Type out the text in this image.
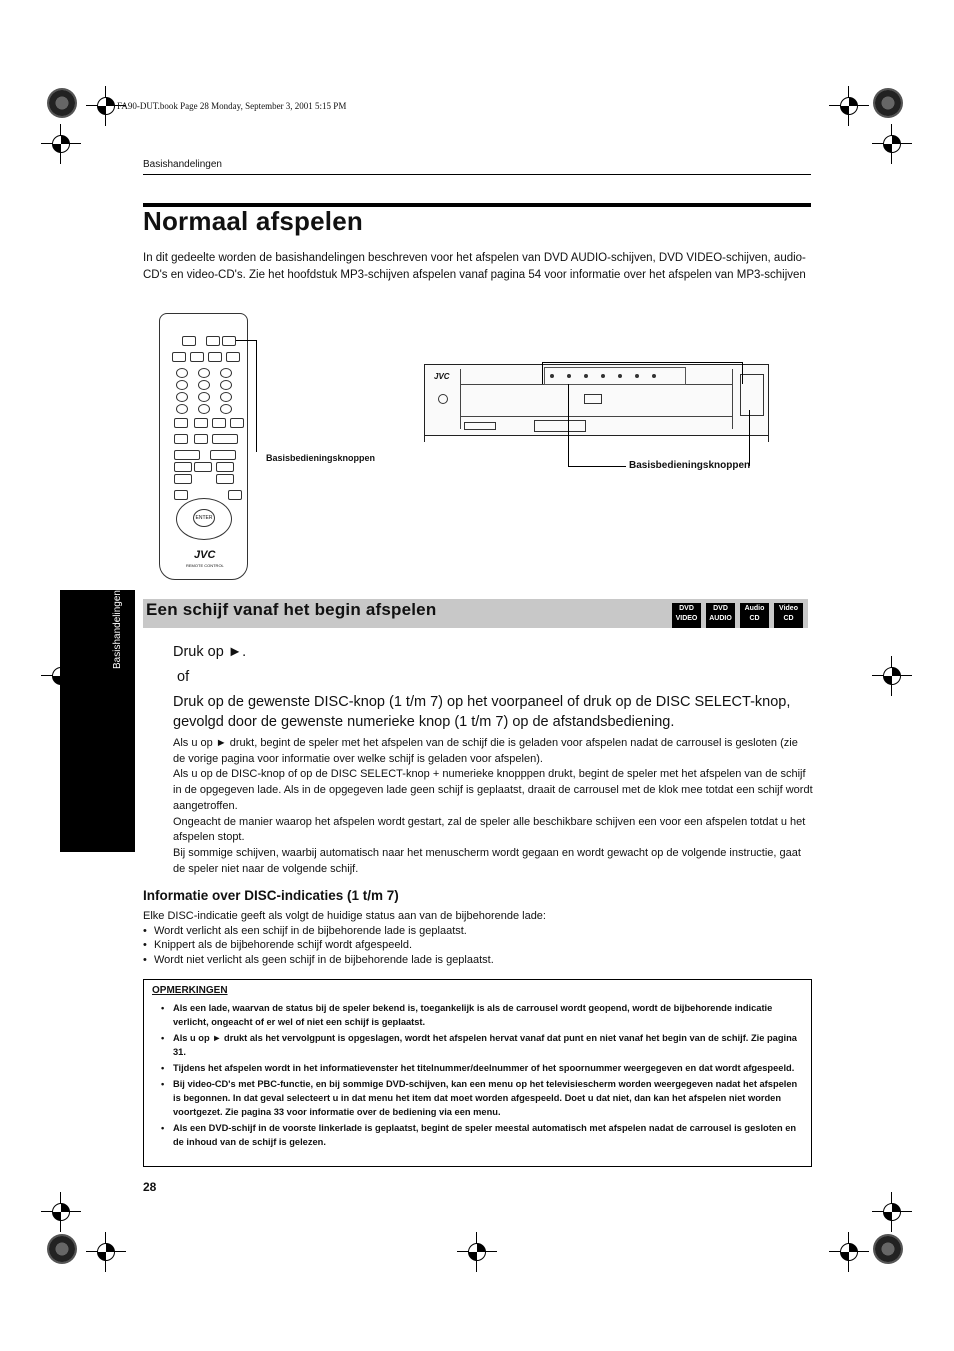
FA90-DUT.book Page 28 Monday, September 3, 2001 5:15 PM
Basishandelingen
Normaal afspelen
In dit gedeelte worden de basishandelingen beschreven voor het afspelen van DVD AUDIO-schijven, DVD VIDEO-schijven, audio-CD's en video-CD's. Zie het hoofdstuk MP3-schijven afspelen vanaf pagina 54 voor informatie over het afspelen van MP3-schijven
ENTER
JVC
REMOTE CONTROL
Basisbedieningsknoppen
JVC
Basisbedieningsknoppen
Basishandelingen	Een schijf vanaf het begin afspelen	DVD
VIDEO
DVD
AUDIO
Audio
CD
Video
CD
Druk op ►.
of
Druk op de gewenste DISC-knop (1 t/m 7) op het voorpaneel of druk op de DISC SELECT-knop, gevolgd door de gewenste numerieke knop (1 t/m 7) op de afstandsbediening.

Als u op ► drukt, begint de speler met het afspelen van de schijf die is geladen voor afspelen nadat de carrousel is gesloten (zie de vorige pagina voor informatie over welke schijf is geladen voor afspelen).

Als u op de DISC-knop of op de DISC SELECT-knop + numerieke knopppen drukt, begint de speler met het afspelen van de schijf in de opgegeven lade. Als in de opgegeven lade geen schijf is geplaatst, draait de carrousel met de klok mee totdat een schijf wordt aangetroffen.

Ongeacht de manier waarop het afspelen wordt gestart, zal de speler alle beschikbare schijven een voor een afspelen totdat u het afspelen stopt.

Bij sommige schijven, waarbij automatisch naar het menuscherm wordt gegaan en wordt gewacht op de volgende instructie, gaat de speler niet naar de volgende schijf.

Informatie over DISC-indicaties (1 t/m 7)

Elke DISC-indicatie geeft als volgt de huidige status aan van de bijbehorende lade:

• Wordt verlicht als een schijf in de bijbehorende lade is geplaatst.
• Knippert als de bijbehorende schijf wordt afgespeeld.
• Wordt niet verlicht als geen schijf in de bijbehorende lade is geplaatst.
OPMERKINGEN
• Als een lade, waarvan de status bij de speler bekend is, toegankelijk is als de carrousel wordt geopend, wordt de bijbehorende indicatie verlicht, ongeacht of er wel of niet een schijf is geplaatst.
• Als u op ► drukt als het vervolgpunt is opgeslagen, wordt het afspelen hervat vanaf dat punt en niet vanaf het begin van de schijf. Zie pagina 31.
• Tijdens het afspelen wordt in het informatievenster het titelnummer/deelnummer of het spoornummer weergegeven en dat wordt afgespeeld.
• Bij video-CD's met PBC-functie, en bij sommige DVD-schijven, kan een menu op het televisiescherm worden weergegeven nadat het afspelen is begonnen. In dat geval selecteert u in dat menu het item dat moet worden afgespeeld. Doet u dat niet, dan kan het afspelen niet worden voortgezet. Zie pagina 33 voor informatie over de bediening via een menu.
• Als een DVD-schijf in de voorste linkerlade is geplaatst, begint de speler meestal automatisch met afspelen nadat de carrousel is gesloten en de inhoud van de schijf is gelezen.
28
